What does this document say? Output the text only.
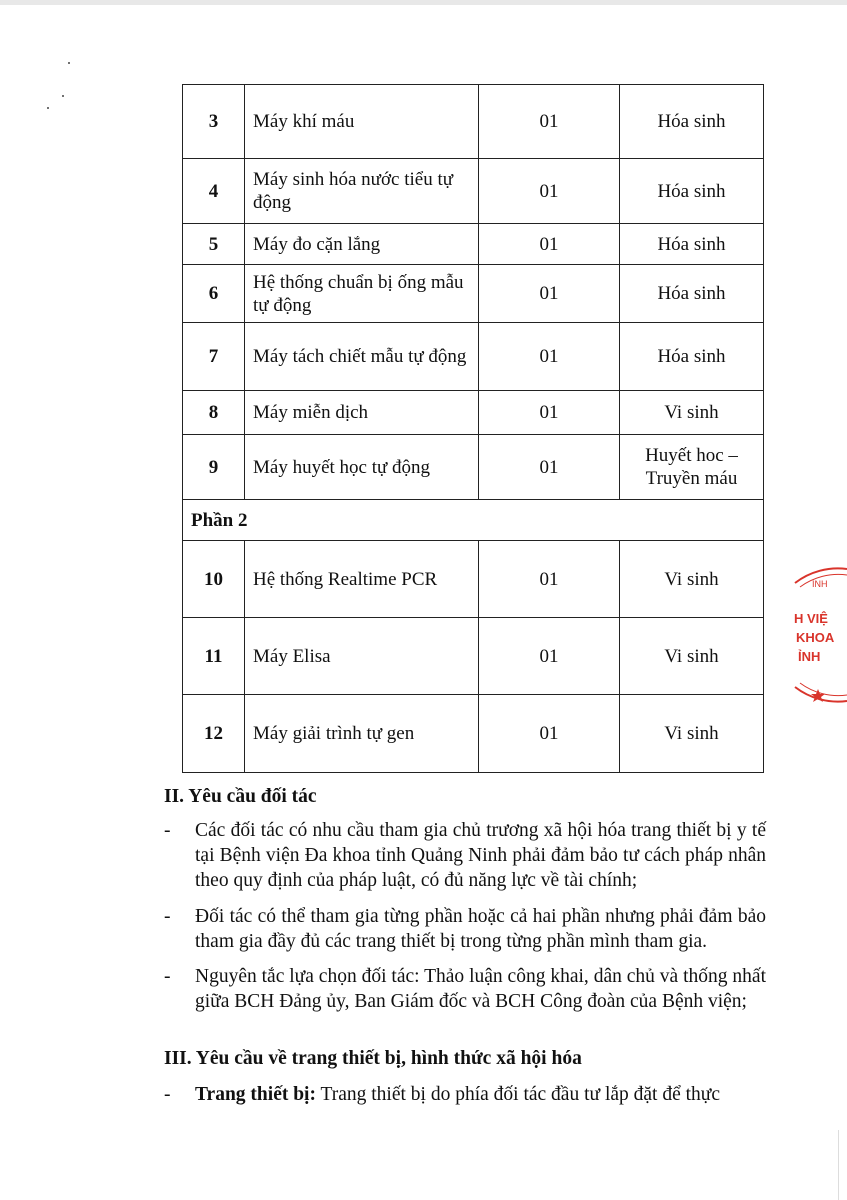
3	Máy khí máu	01	Hóa sinh
4	Máy sinh hóa nước tiểu tự động	01	Hóa sinh
5	Máy đo cặn lắng	01	Hóa sinh
6	Hệ thống chuẩn bị ống mẫu tự động	01	Hóa sinh
7	Máy tách chiết mẫu tự động	01	Hóa sinh
8	Máy miễn dịch	01	Vi sinh
9	Máy huyết học tự động	01	Huyết hoc – Truyền máu
Phần 2			
10	Hệ thống Realtime PCR	01	Vi sinh
11	Máy Elisa	01	Vi sinh
12	Máy giải trình tự gen	01	Vi sinh
II. Yêu cầu đối tác
-	Các đối tác có nhu cầu tham gia chủ trương xã hội hóa trang thiết bị y tế tại Bệnh viện Đa khoa tỉnh Quảng Ninh phải đảm bảo tư cách pháp nhân theo quy định của pháp luật, có đủ năng lực về tài chính;
-	Đối tác có thể tham gia từng phần hoặc cả hai phần nhưng phải đảm bảo tham gia đầy đủ các trang thiết bị trong từng phần mình tham gia.
-	Nguyên tắc lựa chọn đối tác: Thảo luận công khai, dân chủ và thống nhất giữa BCH Đảng ủy, Ban Giám đốc và BCH Công đoàn của Bệnh viện;
III. Yêu cầu về trang thiết bị, hình thức xã hội hóa
-	Trang thiết bị: Trang thiết bị do phía đối tác đầu tư lắp đặt để thực
INH
H VIỆ
KHOA
ỈNH
